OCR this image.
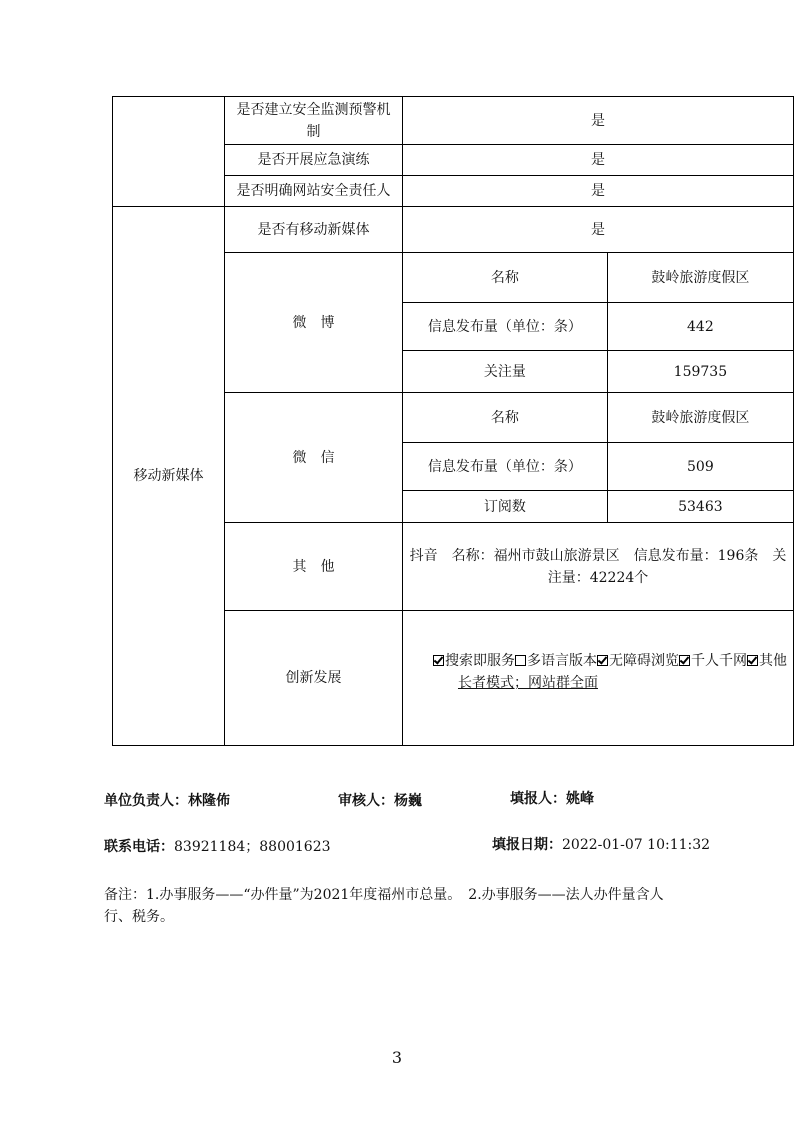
	是否建立安全监测预警机制	是	
	是否开展应急演练	是	
	是否明确网站安全责任人	是	
移动新媒体	是否有移动新媒体	是	
	微　博	名称	鼓岭旅游度假区
		信息发布量（单位：条）	442
		关注量	159735
	微　信	名称	鼓岭旅游度假区
		信息发布量（单位：条）	509
		订阅数	53463
	其　他	抖音　名称：福州市鼓山旅游景区　信息发布量：196条　关注量：42224个	
	创新发展	搜索即服务 多语言版本 无障碍浏览 千人千网 其他
长者模式；网站群全面	
单位负责人：林隆佈	审核人：杨巍	填报人：姚峰
联系电话：83921184；88001623	填报日期：2022-01-07 10:11:32
备注：1.办事服务——“办件量”为2021年度福州市总量。　2.办事服务——法人办件量含人行、税务。
3
